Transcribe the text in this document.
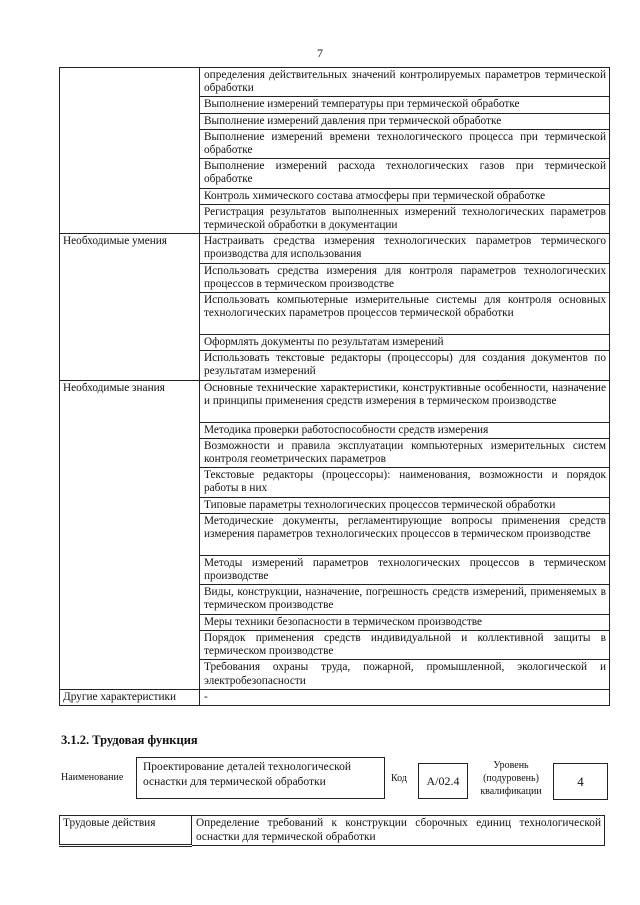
7
	определения действительных значений контролируемых параметров термической обработки
	Выполнение измерений температуры при термической обработке
	Выполнение измерений давления при термической обработке
	Выполнение измерений времени технологического процесса при термической обработке
	Выполнение измерений расхода технологических газов при термической обработке
	Контроль химического состава атмосферы при термической обработке
	Регистрация результатов выполненных измерений технологических параметров термической обработки в документации
Необходимые умения	Настраивать средства измерения технологических параметров термического производства для использования
	Использовать средства измерения для контроля параметров технологических процессов в термическом производстве
	Использовать компьютерные измерительные системы для контроля основных технологических параметров процессов термической обработки
	Оформлять документы по результатам измерений
	Использовать текстовые редакторы (процессоры) для создания документов по результатам измерений
Необходимые знания	Основные технические характеристики, конструктивные особенности, назначение и принципы применения средств измерения в термическом производстве
	Методика проверки работоспособности средств измерения
	Возможности и правила эксплуатации компьютерных измерительных систем контроля геометрических параметров
	Текстовые редакторы (процессоры): наименования, возможности и порядок работы в них
	Типовые параметры технологических процессов термической обработки
	Методические документы, регламентирующие вопросы применения средств измерения параметров технологических процессов в термическом производстве
	Методы измерений параметров технологических процессов в термическом производстве
	Виды, конструкции, назначение, погрешность средств измерений, применяемых в термическом производстве
	Меры техники безопасности в термическом производстве
	Порядок применения средств индивидуальной и коллективной защиты в термическом производстве
	Требования охраны труда, пожарной, промышленной, экологической и электробезопасности
Другие характеристики	-
3.1.2. Трудовая функция
Наименование
Проектирование деталей технологической оснастки для термической обработки	Код	А/02.4
Уровень (подуровень) квалификации
4
Трудовые действия	Определение требований к конструкции сборочных единиц технологической оснастки для термической обработки
